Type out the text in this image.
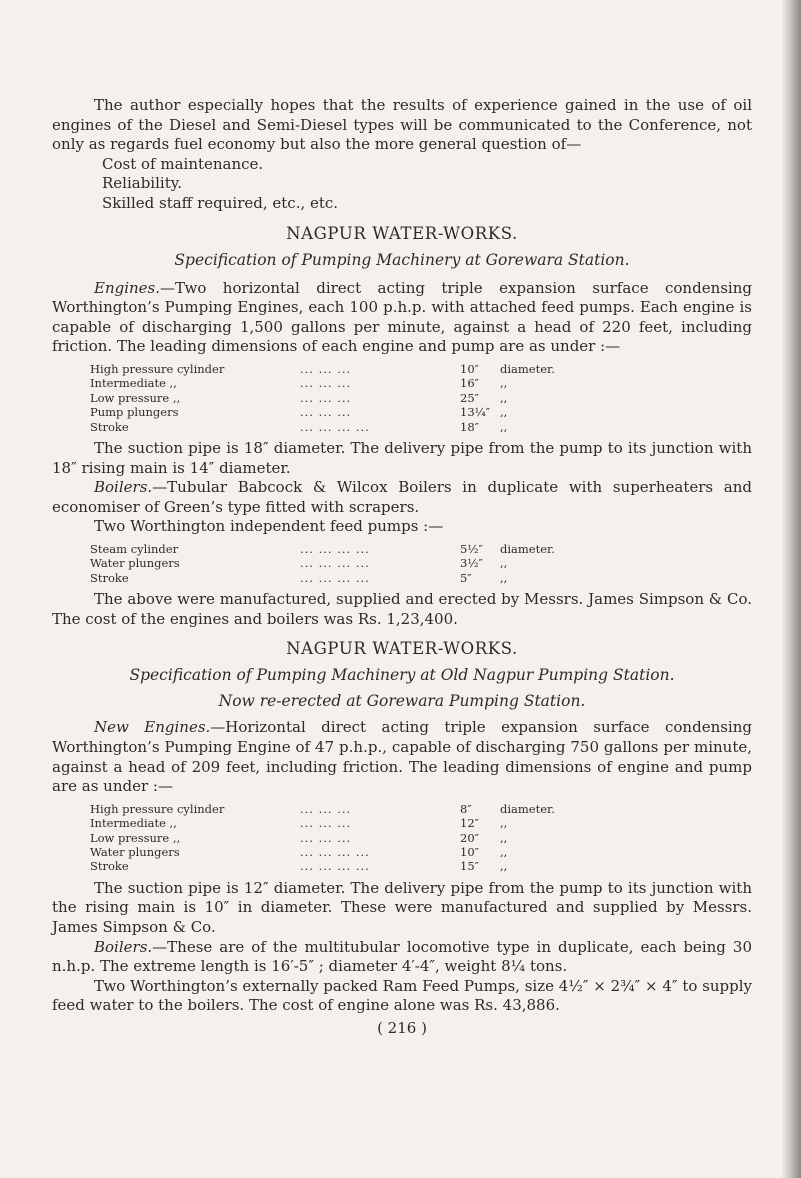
The author especially hopes that the results of experience gained in the use of oil engines of the Diesel and Semi-Diesel types will be communicated to the Conference, not only as regards fuel economy but also the more general question of—

Cost of maintenance.
Reliability.
Skilled staff required, etc., etc.
NAGPUR WATER-WORKS.
Specification of Pumping Machinery at Gorewara Station.

Engines.—Two horizontal direct acting triple expansion surface condensing Worthington’s Pumping Engines, each 100 p.h.p. with attached feed pumps. Each engine is capable of discharging 1,500 gallons per minute, against a head of 220 feet, including friction. The leading dimensions of each engine and pump are as under :—

High pressure cylinder	... ... ...	10″	diameter.
Intermediate ,,	... ... ...	16″	,,
Low pressure ,,	... ... ...	25″	,,
Pump plungers	... ... ...	13¼″	,,
Stroke	... ... ... ...	18″	,,

The suction pipe is 18″ diameter. The delivery pipe from the pump to its junction with 18″ rising main is 14″ diameter.

Boilers.—Tubular Babcock & Wilcox Boilers in duplicate with superheaters and economiser of Green’s type fitted with scrapers.

Two Worthington independent feed pumps :—

Steam cylinder	... ... ... ...	5½″	diameter.
Water plungers	... ... ... ...	3½″	,,
Stroke	... ... ... ...	5″	,,

The above were manufactured, supplied and erected by Messrs. James Simpson & Co. The cost of the engines and boilers was Rs. 1,23,400.

NAGPUR WATER-WORKS.
Specification of Pumping Machinery at Old Nagpur Pumping Station.
Now re-erected at Gorewara Pumping Station.

New Engines.—Horizontal direct acting triple expansion surface condensing Worthington’s Pumping Engine of 47 p.h.p., capable of discharging 750 gallons per minute, against a head of 209 feet, including friction. The leading dimensions of engine and pump are as under :—

High pressure cylinder	... ... ...	8″	diameter.
Intermediate ,,	... ... ...	12″	,,
Low pressure ,,	... ... ...	20″	,,
Water plungers	... ... ... ...	10″	,,
Stroke	... ... ... ...	15″	,,

The suction pipe is 12″ diameter. The delivery pipe from the pump to its junction with the rising main is 10″ in diameter. These were manufactured and supplied by Messrs. James Simpson & Co.

Boilers.—These are of the multitubular locomotive type in duplicate, each being 30 n.h.p. The extreme length is 16′-5″ ; diameter 4′-4″, weight 8¼ tons.

Two Worthington’s externally packed Ram Feed Pumps, size 4½″ × 2¾″ × 4″ to supply feed water to the boilers. The cost of engine alone was Rs. 43,886.

( 216 )
